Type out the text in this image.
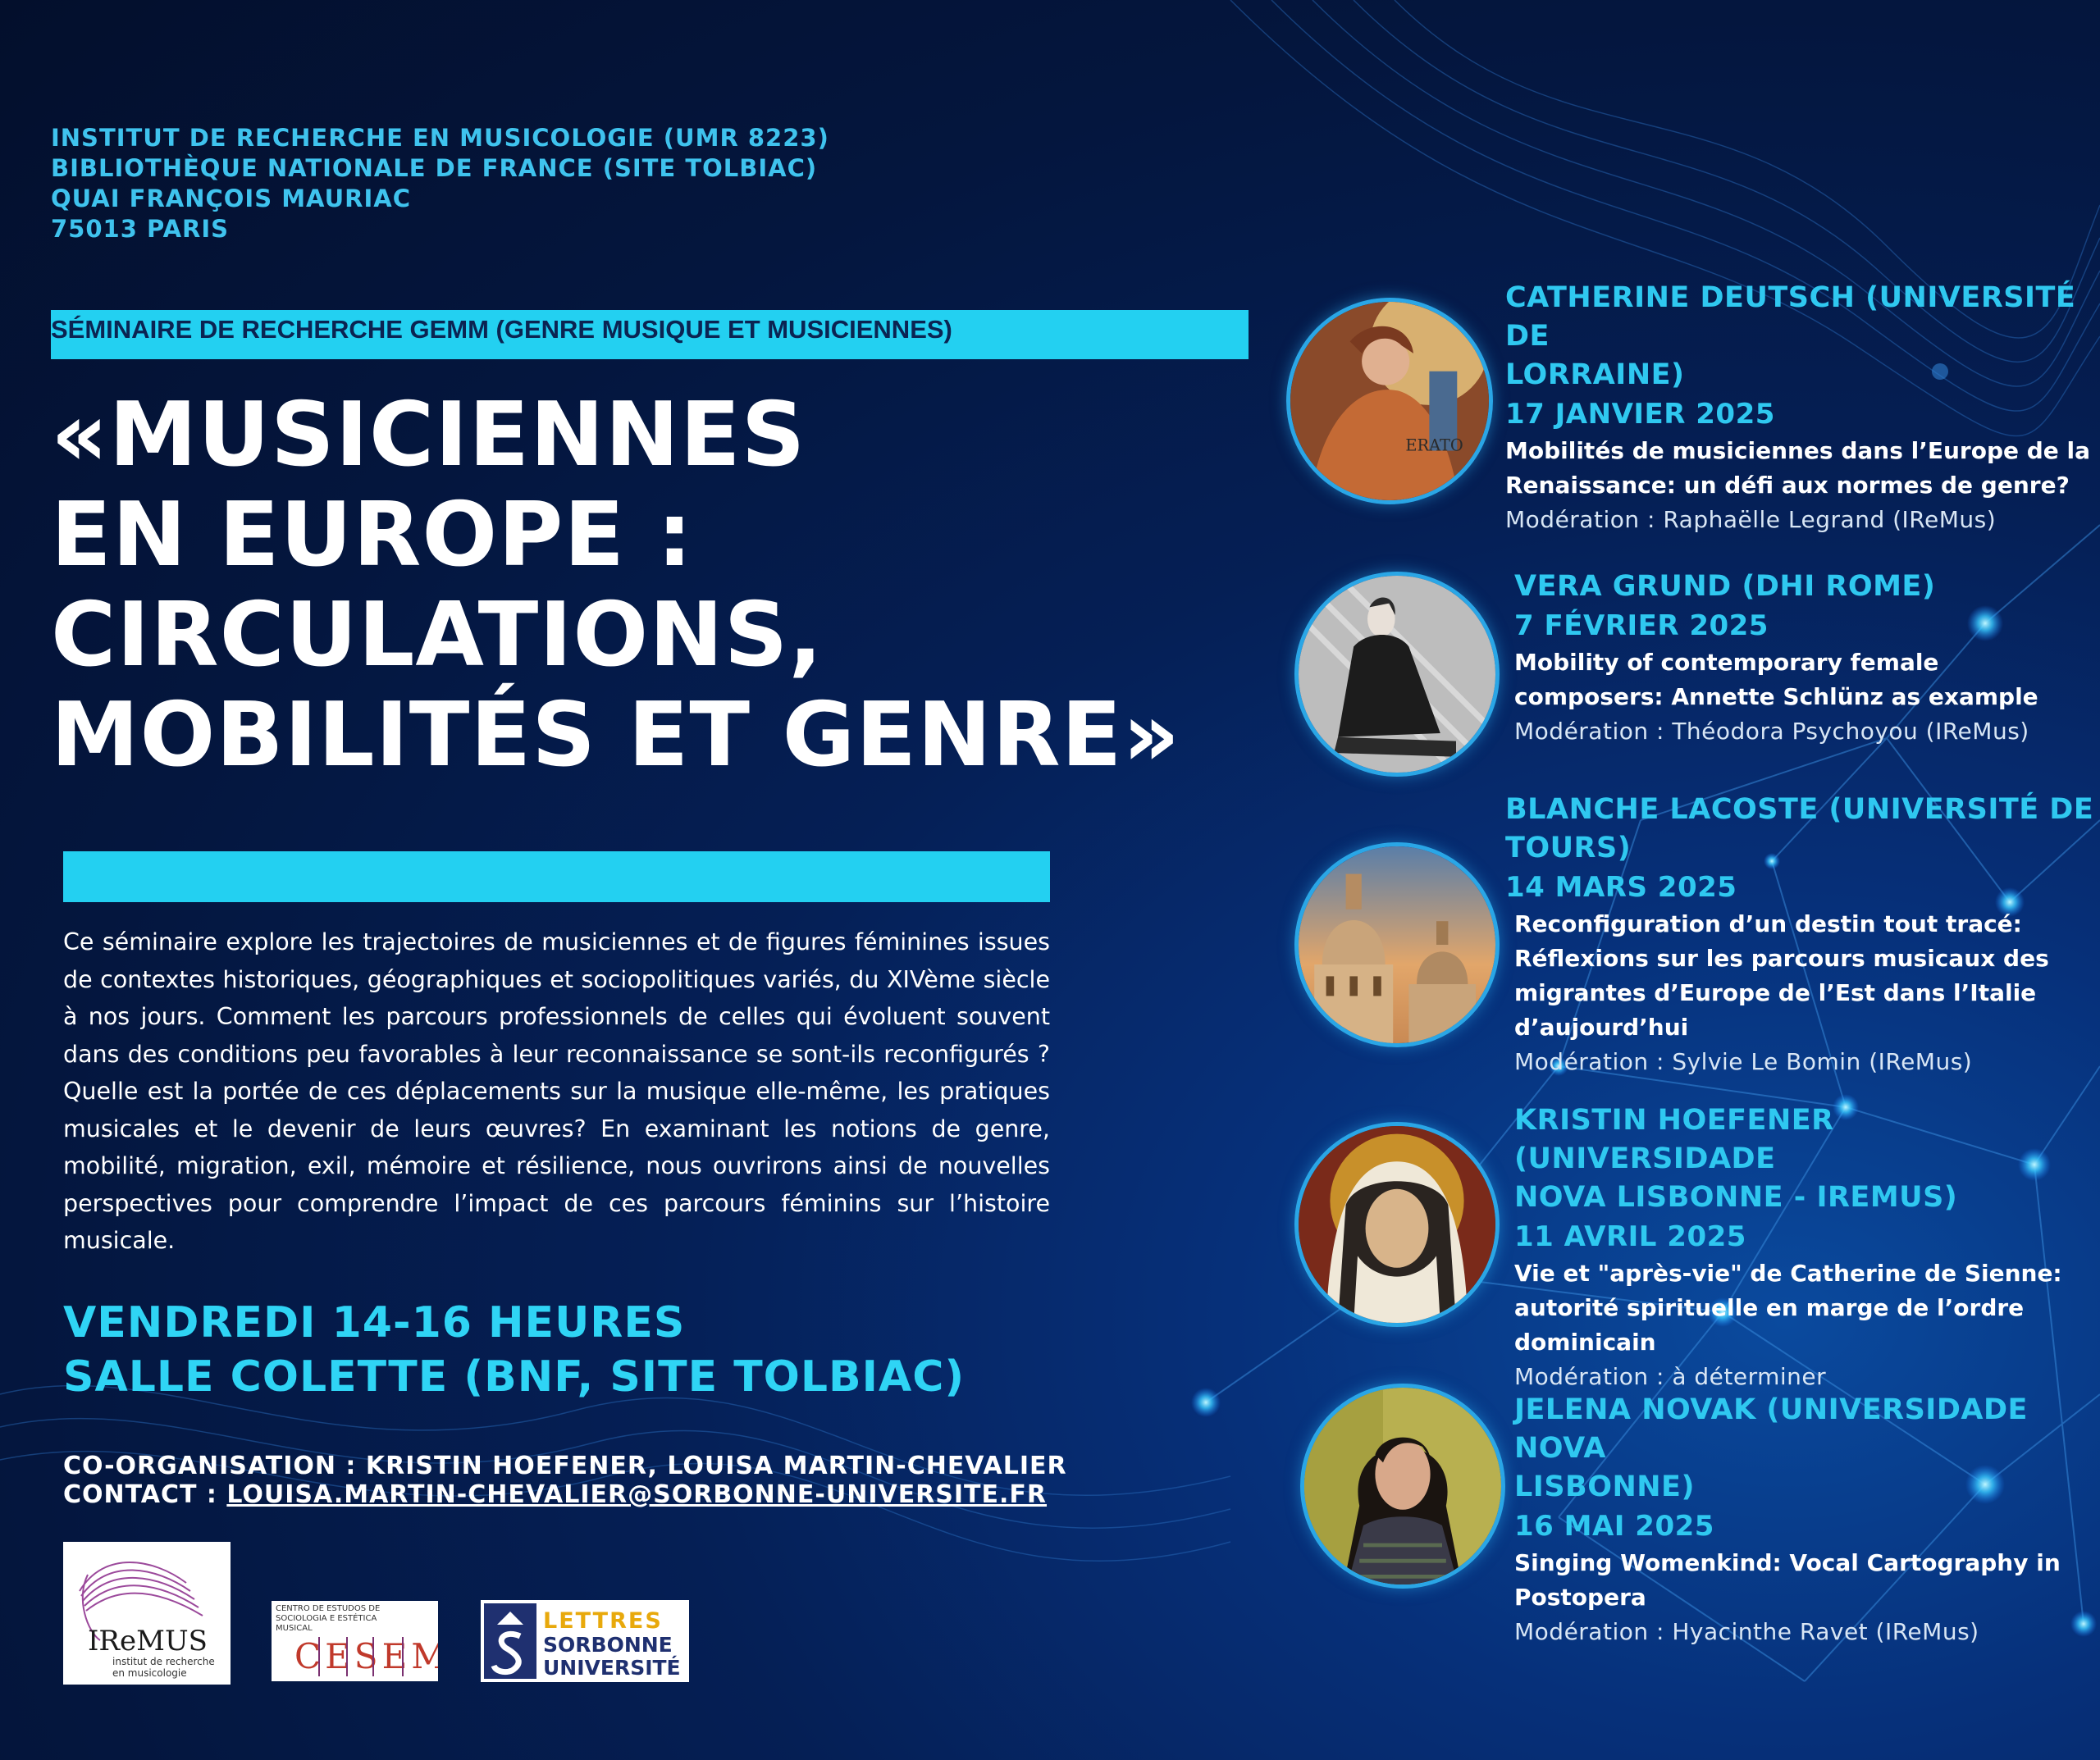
INSTITUT DE RECHERCHE EN MUSICOLOGIE (UMR 8223)
BIBLIOTHÈQUE NATIONALE DE FRANCE (SITE TOLBIAC)
QUAI FRANÇOIS MAURIAC
75013 PARIS
SÉMINAIRE DE RECHERCHE GEMM (GENRE MUSIQUE ET MUSICIENNES)
«MUSICIENNES
EN EUROPE :
CIRCULATIONS,
MOBILITÉS ET GENRE»
Ce séminaire explore les trajectoires de musiciennes et de figures féminines issues de contextes historiques, géographiques et sociopolitiques variés, du XIVème siècle à nos jours. Comment les parcours professionnels de celles qui évoluent souvent dans des conditions peu favorables à leur reconnaissance se sont-ils reconfigurés ? Quelle est la portée de ces déplacements sur la musique elle-même, les pratiques musicales et le devenir de leurs œuvres? En examinant les notions de genre, mobilité, migration, exil, mémoire et résilience, nous ouvrirons ainsi de nouvelles perspectives pour comprendre l’impact de ces parcours féminins sur l’histoire musicale.
VENDREDI 14-16 HEURES
SALLE COLETTE (BNF, SITE TOLBIAC)
CO-ORGANISATION : KRISTIN HOEFENER, LOUISA MARTIN-CHEVALIER
CONTACT : LOUISA.MARTIN-CHEVALIER@SORBONNE-UNIVERSITE.FR
IReMUS
institut de recherche
en musicologie
CENTRO DE ESTUDOS DE
SOCIOLOGIA E ESTÉTICA
MUSICAL
CESEM
LETTRES
SORBONNE
UNIVERSITÉ
ERATO
CATHERINE DEUTSCH (UNIVERSITÉ DE
LORRAINE)
17 JANVIER 2025
Mobilités de musiciennes dans l’Europe de la
Renaissance: un défi aux normes de genre?
Modération : Raphaëlle Legrand (IReMus)
VERA GRUND (DHI ROME)
7 FÉVRIER 2025
Mobility of contemporary female
composers: Annette Schlünz as example
Modération : Théodora Psychoyou (IReMus)
BLANCHE LACOSTE (UNIVERSITÉ DE
TOURS)
14 MARS 2025
Reconfiguration d’un destin tout tracé:
Réflexions sur les parcours musicaux des
migrantes d’Europe de l’Est dans l’Italie
d’aujourd’hui
Modération : Sylvie Le Bomin (IReMus)
KRISTIN HOEFENER (UNIVERSIDADE
NOVA LISBONNE - IREMUS)
11 AVRIL 2025
Vie et "après-vie" de Catherine de Sienne:
autorité spirituelle en marge de l’ordre
dominicain
Modération : à déterminer
JELENA NOVAK (UNIVERSIDADE NOVA
LISBONNE)
16 MAI 2025
Singing Womenkind: Vocal Cartography in
Postopera
Modération : Hyacinthe Ravet (IReMus)
